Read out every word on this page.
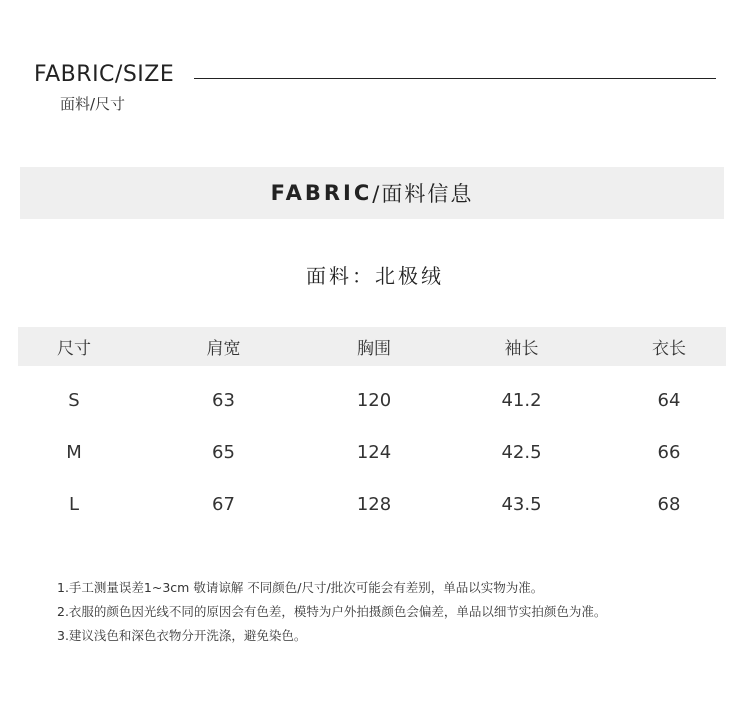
FABRIC/SIZE
面料/尺寸
FABRIC /面料信息
面料：北极绒
尺寸	肩宽	胸围	袖长	衣长
S	63	120	41.2	64
M	65	124	42.5	66
L	67	128	43.5	68
1.手工测量误差1~3cm 敬请谅解 不同颜色/尺寸/批次可能会有差别，单品以实物为准。
2.衣服的颜色因光线不同的原因会有色差，模特为户外拍摄颜色会偏差，单品以细节实拍颜色为准。
3.建议浅色和深色衣物分开洗涤，避免染色。
